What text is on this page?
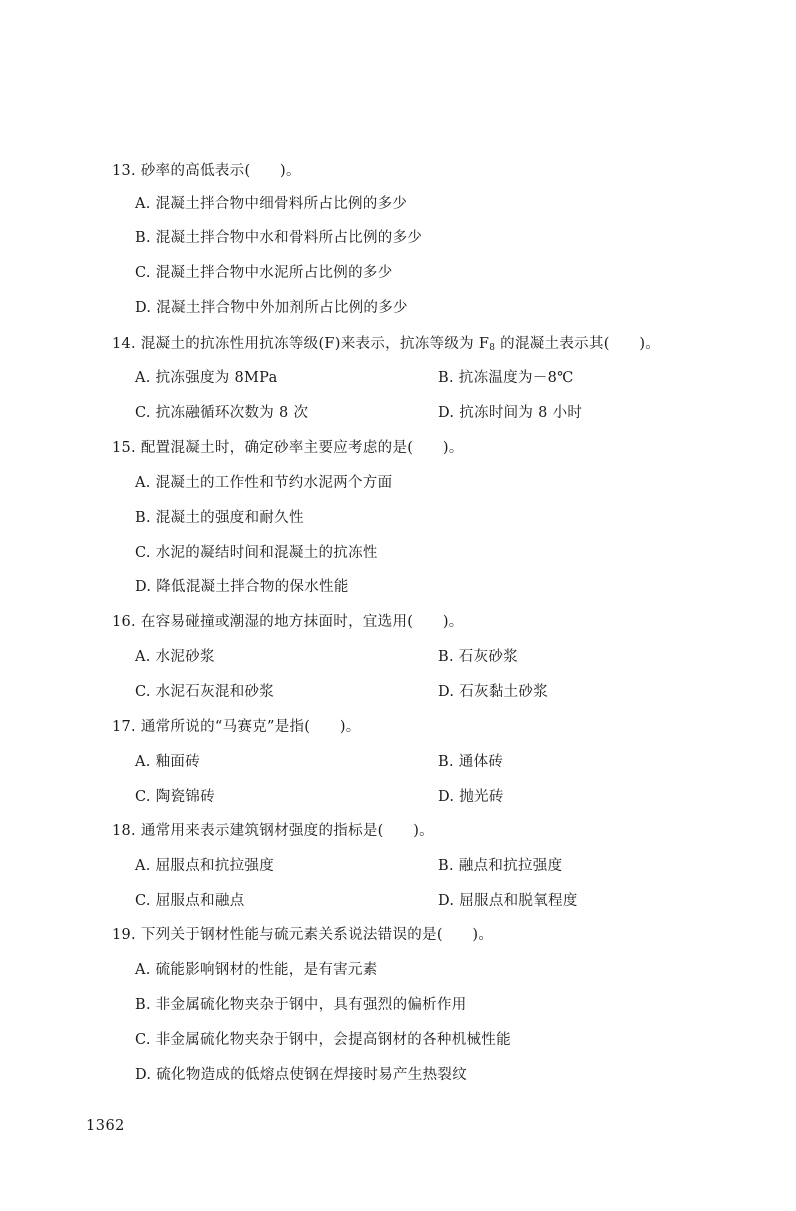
13. 砂率的高低表示(　　)。
A. 混凝土拌合物中细骨料所占比例的多少
B. 混凝土拌合物中水和骨料所占比例的多少
C. 混凝土拌合物中水泥所占比例的多少
D. 混凝土拌合物中外加剂所占比例的多少
14. 混凝土的抗冻性用抗冻等级(F)来表示，抗冻等级为 $F_8$ 的混凝土表示其(　　)。
A. 抗冻强度为 8MPa	B. 抗冻温度为－8℃
C. 抗冻融循环次数为 8 次	D. 抗冻时间为 8 小时
15. 配置混凝土时，确定砂率主要应考虑的是(　　)。
A. 混凝土的工作性和节约水泥两个方面
B. 混凝土的强度和耐久性
C. 水泥的凝结时间和混凝土的抗冻性
D. 降低混凝土拌合物的保水性能
16. 在容易碰撞或潮湿的地方抹面时，宜选用(　　)。
A. 水泥砂浆	B. 石灰砂浆
C. 水泥石灰混和砂浆	D. 石灰黏土砂浆
17. 通常所说的“马赛克”是指(　　)。
A. 釉面砖	B. 通体砖
C. 陶瓷锦砖	D. 抛光砖
18. 通常用来表示建筑钢材强度的指标是(　　)。
A. 屈服点和抗拉强度	B. 融点和抗拉强度
C. 屈服点和融点	D. 屈服点和脱氧程度
19. 下列关于钢材性能与硫元素关系说法错误的是(　　)。
A. 硫能影响钢材的性能，是有害元素
B. 非金属硫化物夹杂于钢中，具有强烈的偏析作用
C. 非金属硫化物夹杂于钢中，会提高钢材的各种机械性能
D. 硫化物造成的低熔点使钢在焊接时易产生热裂纹
1362
